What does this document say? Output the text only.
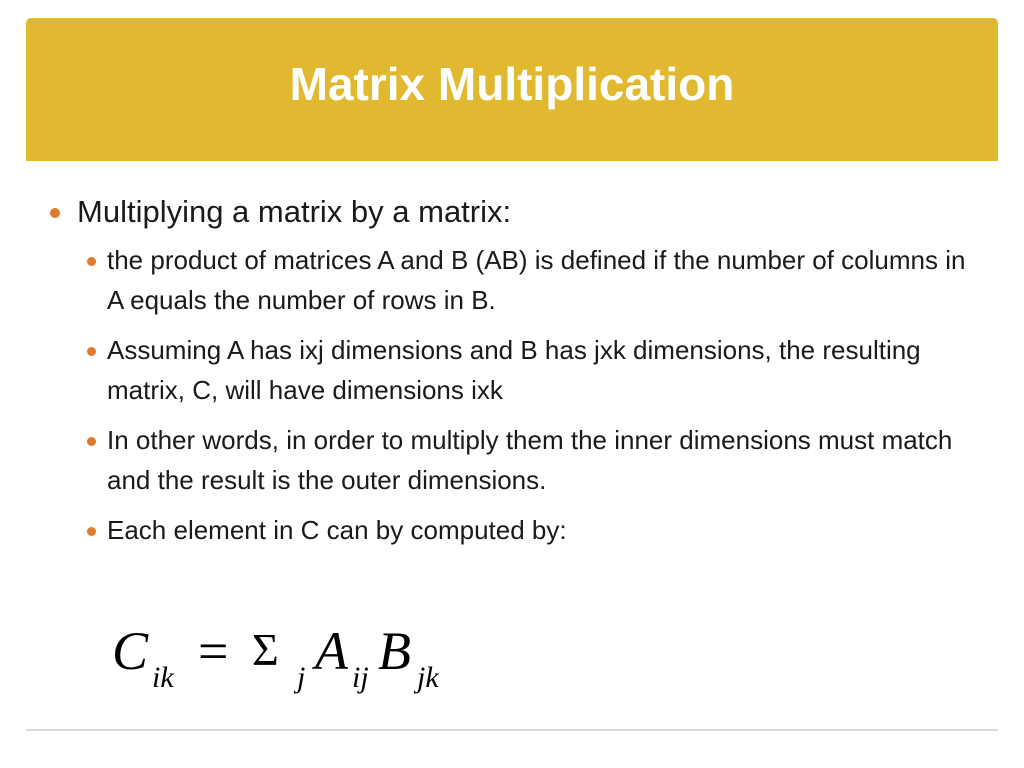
Matrix Multiplication
Multiplying a matrix by a matrix:
the product of matrices A and B (AB) is defined if the number of columns in A equals the number of rows in B.
Assuming A has ixj dimensions and B has jxk dimensions, the resulting matrix, C, will have dimensions ixk
In other words, in order to multiply them the inner dimensions must match and the result is the outer dimensions.
Each element in C can by computed by:
C ik = Σ
j A ij B jk
